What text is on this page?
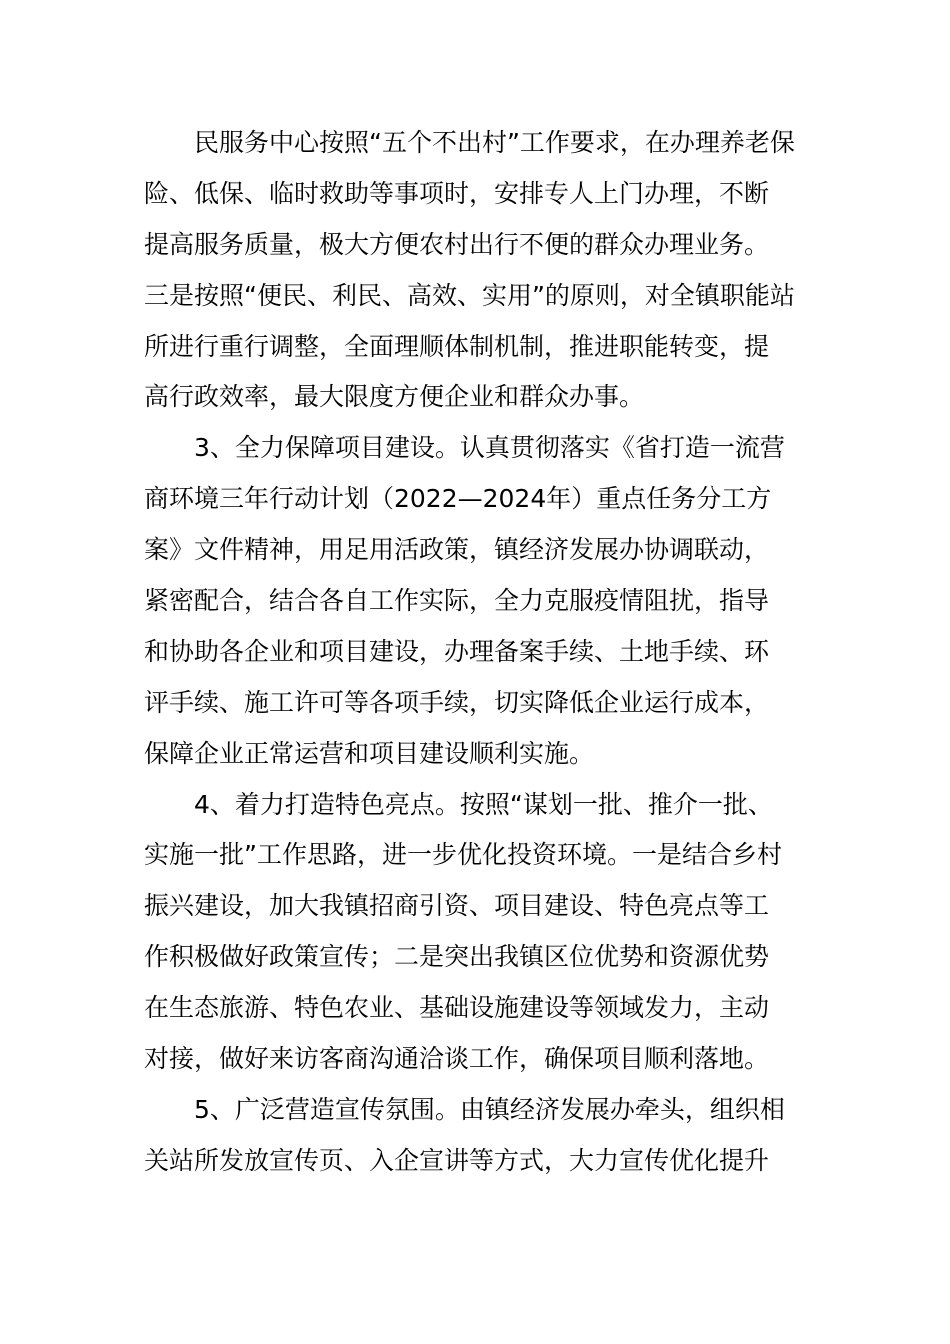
民服务中心按照“五个不出村”工作要求，在办理养老保
险、低保、临时救助等事项时，安排专人上门办理，不断
提高服务质量，极大方便农村出行不便的群众办理业务。
三是按照“便民、利民、高效、实用”的原则，对全镇职能站
所进行重行调整，全面理顺体制机制，推进职能转变，提
高行政效率，最大限度方便企业和群众办事。
3、全力保障项目建设。认真贯彻落实《省打造一流营
商环境三年行动计划（2022—2024年）重点任务分工方
案》文件精神，用足用活政策，镇经济发展办协调联动，
紧密配合，结合各自工作实际，全力克服疫情阻扰，指导
和协助各企业和项目建设，办理备案手续、土地手续、环
评手续、施工许可等各项手续，切实降低企业运行成本，
保障企业正常运营和项目建设顺利实施。
4、着力打造特色亮点。按照“谋划一批、推介一批、
实施一批”工作思路，进一步优化投资环境。一是结合乡村
振兴建设，加大我镇招商引资、项目建设、特色亮点等工
作积极做好政策宣传；二是突出我镇区位优势和资源优势
在生态旅游、特色农业、基础设施建设等领域发力，主动
对接，做好来访客商沟通洽谈工作，确保项目顺利落地。
5、广泛营造宣传氛围。由镇经济发展办牵头，组织相
关站所发放宣传页、入企宣讲等方式，大力宣传优化提升
